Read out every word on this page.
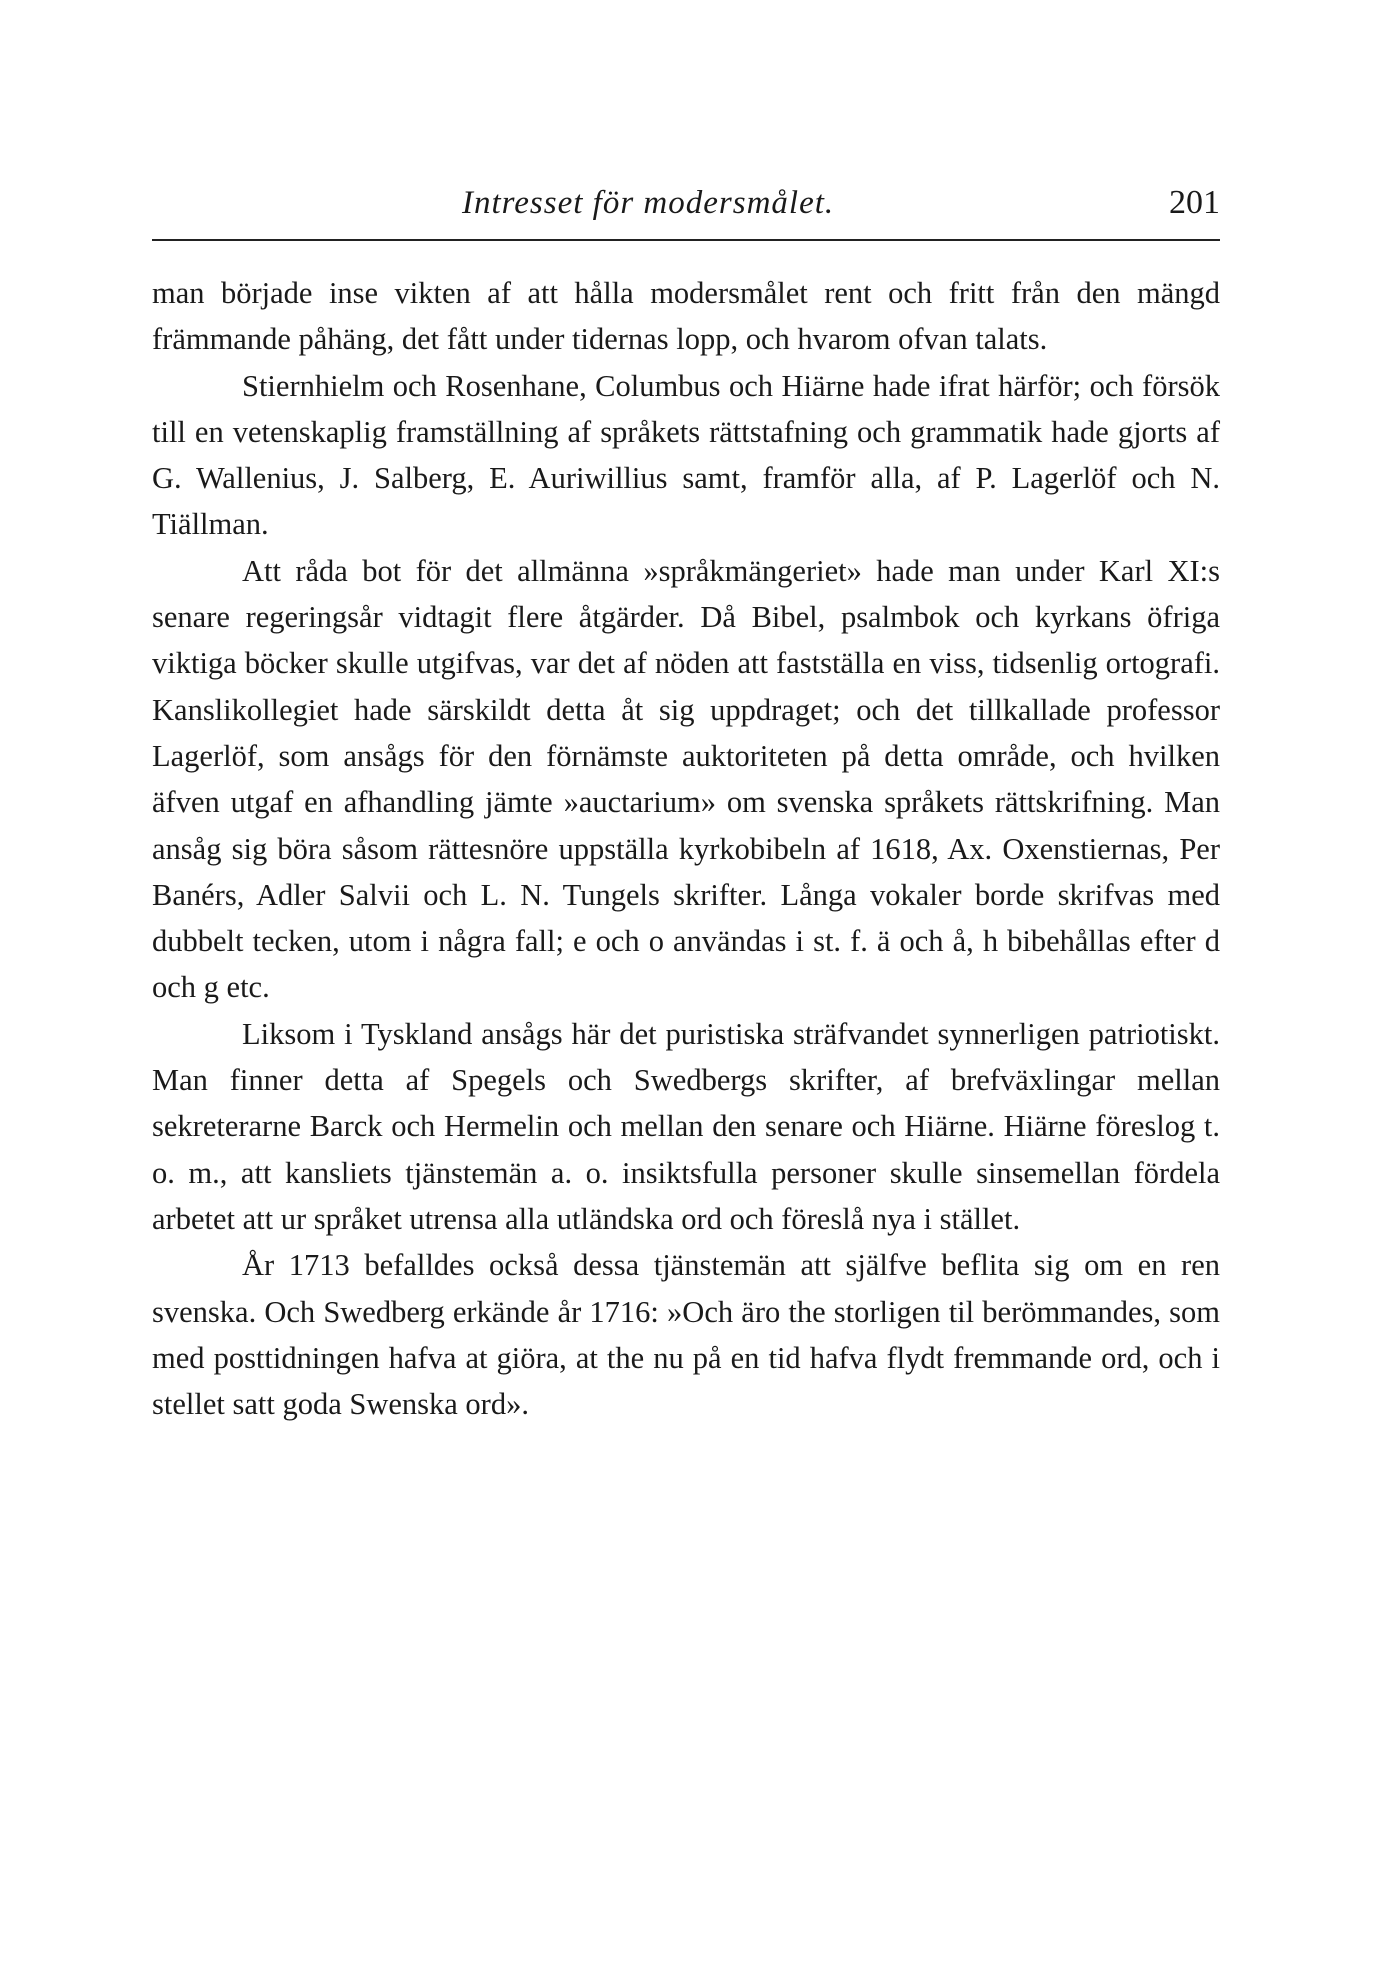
Intresset för modersmålet.	201

man började inse vikten af att hålla modersmålet rent och fritt från den mängd främmande påhäng, det fått under tidernas lopp, och hvarom ofvan talats.

Stiernhielm och Rosenhane, Columbus och Hiärne hade ifrat härför; och försök till en vetenskaplig framställning af språkets rättstafning och grammatik hade gjorts af G. Wallenius, J. Salberg, E. Auriwillius samt, framför alla, af P. Lagerlöf och N. Tiällman.

Att råda bot för det allmänna »språkmängeriet» hade man under Karl XI:s senare regeringsår vidtagit flere åtgärder. Då Bibel, psalmbok och kyrkans öfriga viktiga böcker skulle utgifvas, var det af nöden att fastställa en viss, tidsenlig ortografi. Kanslikollegiet hade särskildt detta åt sig uppdraget; och det tillkallade professor Lagerlöf, som ansågs för den förnämste auktoriteten på detta område, och hvilken äfven utgaf en afhandling jämte »auctarium» om svenska språkets rättskrifning. Man ansåg sig böra såsom rättesnöre uppställa kyrkobibeln af 1618, Ax. Oxenstiernas, Per Banérs, Adler Salvii och L. N. Tungels skrifter. Långa vokaler borde skrifvas med dubbelt tecken, utom i några fall; e och o användas i st. f. ä och å, h bibehållas efter d och g etc.

Liksom i Tyskland ansågs här det puristiska sträfvandet synnerligen patriotiskt. Man finner detta af Spegels och Swedbergs skrifter, af brefväxlingar mellan sekreterarne Barck och Hermelin och mellan den senare och Hiärne. Hiärne föreslog t. o. m., att kansliets tjänstemän a. o. insiktsfulla personer skulle sinsemellan fördela arbetet att ur språket utrensa alla utländska ord och föreslå nya i stället.

År 1713 befalldes också dessa tjänstemän att själfve beflita sig om en ren svenska. Och Swedberg erkände år 1716: »Och äro the storligen til berömmandes, som med posttidningen hafva at giöra, at the nu på en tid hafva flydt fremmande ord, och i stellet satt goda Swenska ord».
